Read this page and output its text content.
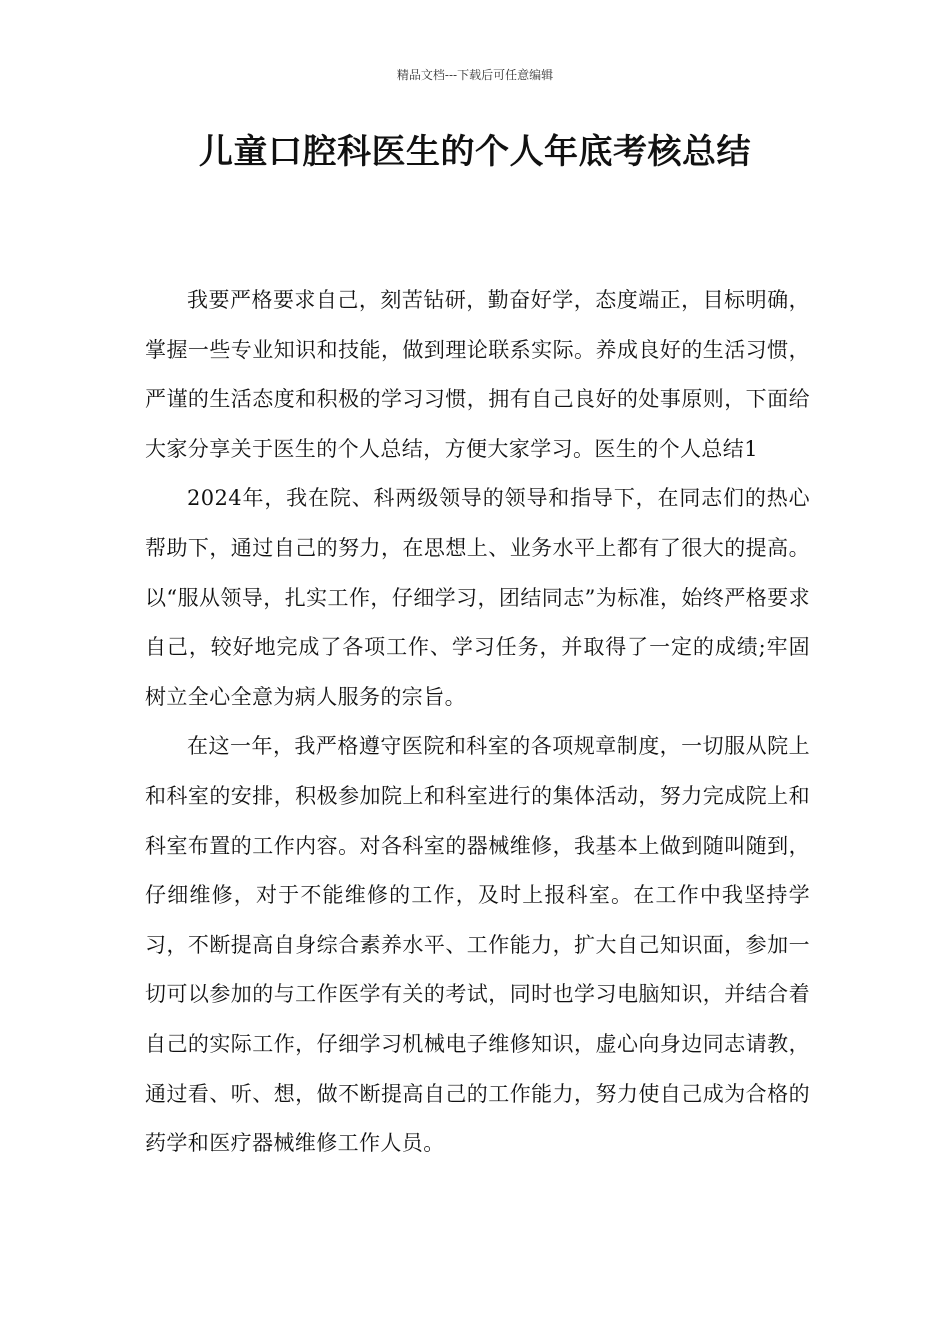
精品文档---下载后可任意编辑
儿童口腔科医生的个人年底考核总结

我要严格要求自己，刻苦钻研，勤奋好学，态度端正，目标明确，掌握一些专业知识和技能，做到理论联系实际。养成良好的生活习惯，严谨的生活态度和积极的学习习惯，拥有自己良好的处事原则，下面给大家分享关于医生的个人总结，方便大家学习。医生的个人总结1

2024年，我在院、科两级领导的领导和指导下，在同志们的热心帮助下，通过自己的努力，在思想上、业务水平上都有了很大的提高。以“服从领导，扎实工作，仔细学习，团结同志”为标准，始终严格要求自己，较好地完成了各项工作、学习任务，并取得了一定的成绩;牢固树立全心全意为病人服务的宗旨。

在这一年，我严格遵守医院和科室的各项规章制度，一切服从院上和科室的安排，积极参加院上和科室进行的集体活动，努力完成院上和科室布置的工作内容。对各科室的器械维修，我基本上做到随叫随到，仔细维修，对于不能维修的工作，及时上报科室。在工作中我坚持学习，不断提高自身综合素养水平、工作能力，扩大自己知识面，参加一切可以参加的与工作医学有关的考试，同时也学习电脑知识，并结合着自己的实际工作，仔细学习机械电子维修知识，虚心向身边同志请教，通过看、听、想，做不断提高自己的工作能力，努力使自己成为合格的药学和医疗器械维修工作人员。
